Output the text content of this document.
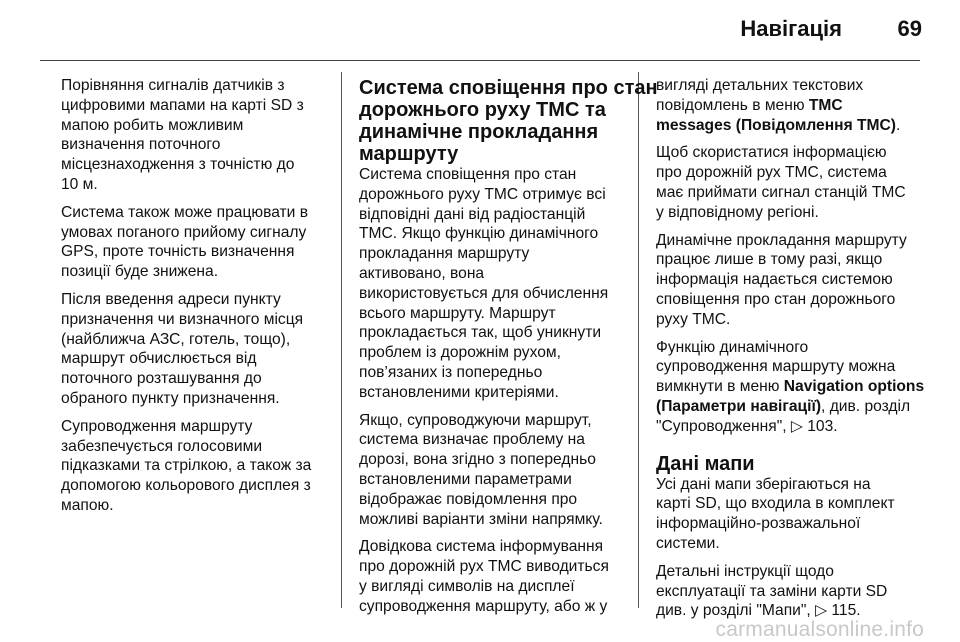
Навігація	69

Порівняння сигналів датчиків з
цифровими мапами на карті SD з
мапою робить можливим
визначення поточного
місцезнаходження з точністю до
10 м.

Система також може працювати в
умовах поганого прийому сигналу
GPS, проте точність визначення
позиції буде знижена.

Після введення адреси пункту
призначення чи визначного місця
(найближча АЗС, готель, тощо),
маршрут обчислюється від
поточного розташування до
обраного пункту призначення.

Супроводження маршруту
забезпечується голосовими
підказками та стрілкою, а також за
допомогою кольорового дисплея з
мапою.

Система сповіщення про стан
дорожнього руху TMC та
динамічне прокладання
маршруту

Система сповіщення про стан
дорожнього руху TMC отримує всі
відповідні дані від радіостанцій
TMC. Якщо функцію динамічного
прокладання маршруту
активовано, вона
використовується для обчислення
всього маршруту. Маршрут
прокладається так, щоб уникнути
проблем із дорожнім рухом,
пов’язаних із попередньо
встановленими критеріями.

Якщо, супроводжуючи маршрут,
система визначає проблему на
дорозі, вона згідно з попередньо
встановленими параметрами
відображає повідомлення про
можливі варіанти зміни напрямку.

Довідкова система інформування
про дорожній рух TMC виводиться
у вигляді символів на дисплеї
супроводження маршруту, або ж у

вигляді детальних текстових
повідомлень в меню TMC
messages (Повідомлення TMC).

Щоб скористатися інформацією
про дорожній рух TMC, система
має приймати сигнал станцій TMC
у відповідному регіоні.

Динамічне прокладання маршруту
працює лише в тому разі, якщо
інформація надається системою
сповіщення про стан дорожнього
руху TMC.

Функцію динамічного
супроводження маршруту можна
вимкнути в меню Navigation options
(Параметри навігації), див. розділ
"Супроводження", ▷ 103.

Дані мапи

Усі дані мапи зберігаються на
карті SD, що входила в комплект
інформаційно-розважальної
системи.

Детальні інструкції щодо
експлуатації та заміни карти SD
див. у розділі "Мапи", ▷ 115.

carmanualsonline.info
